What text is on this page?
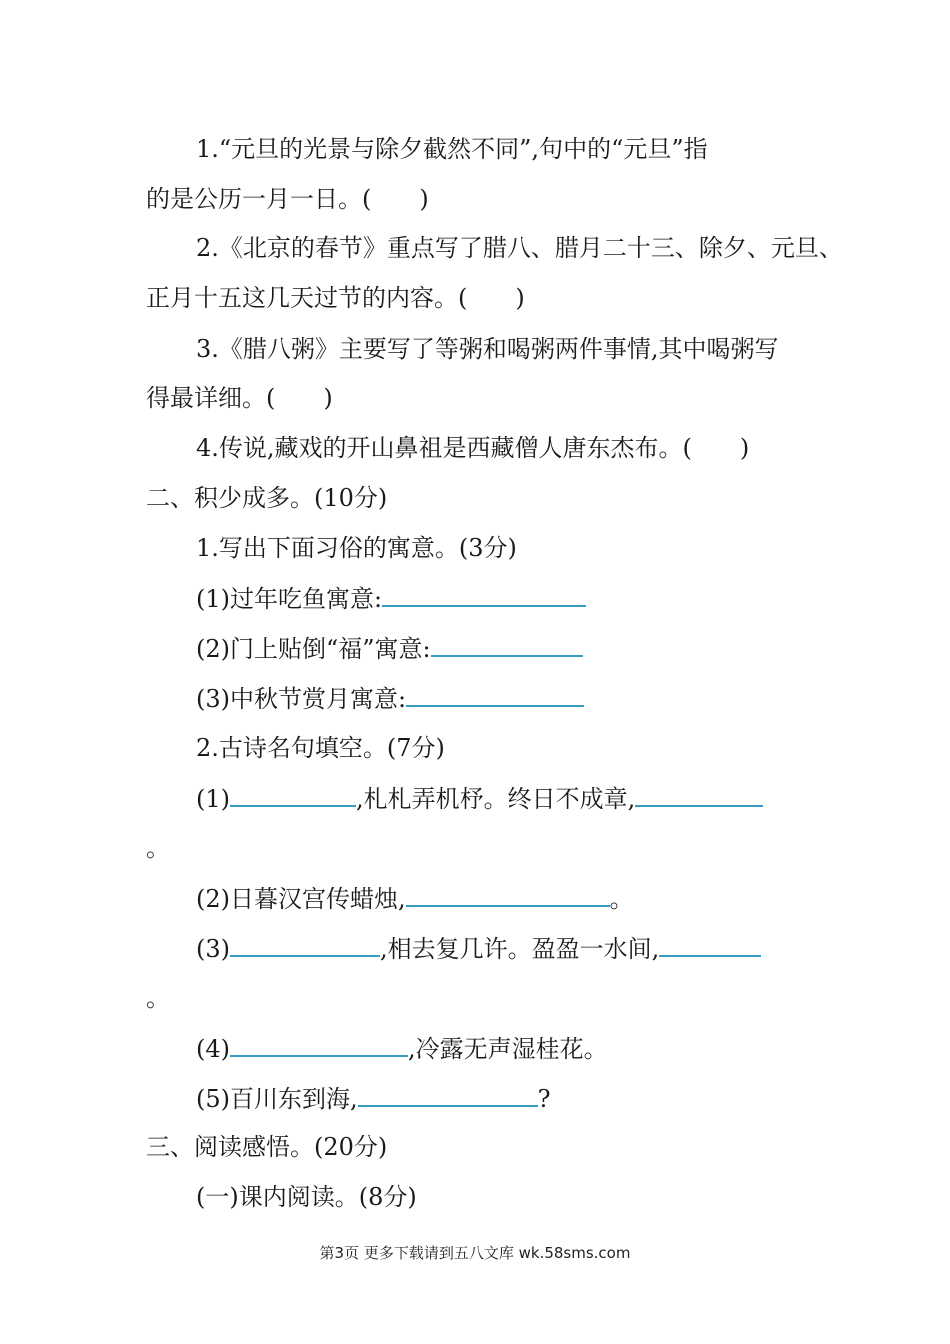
1.“元旦的光景与除夕截然不同”,句中的“元旦”指
的是公历一月一日。(　　)
2.《北京的春节》重点写了腊八、腊月二十三、除夕、元旦、
正月十五这几天过节的内容。(　　)
3.《腊八粥》主要写了等粥和喝粥两件事情,其中喝粥写
得最详细。(　　)
4.传说,藏戏的开山鼻祖是西藏僧人唐东杰布。(　　)
二、积少成多。(10分)
1.写出下面习俗的寓意。(3分)
(1)过年吃鱼寓意:
(2)门上贴倒“福”寓意:
(3)中秋节赏月寓意:
2.古诗名句填空。(7分)
(1)	,札札弄机杼。终日不成章,
。
(2)日暮汉宫传蜡烛,	。
(3)	,相去复几许。盈盈一水间,
。
(4)	,冷露无声湿桂花。
(5)百川东到海,	?
三、阅读感悟。(20分)
(一)课内阅读。(8分)
第3页 更多下载请到五八文库 wk.58sms.com
